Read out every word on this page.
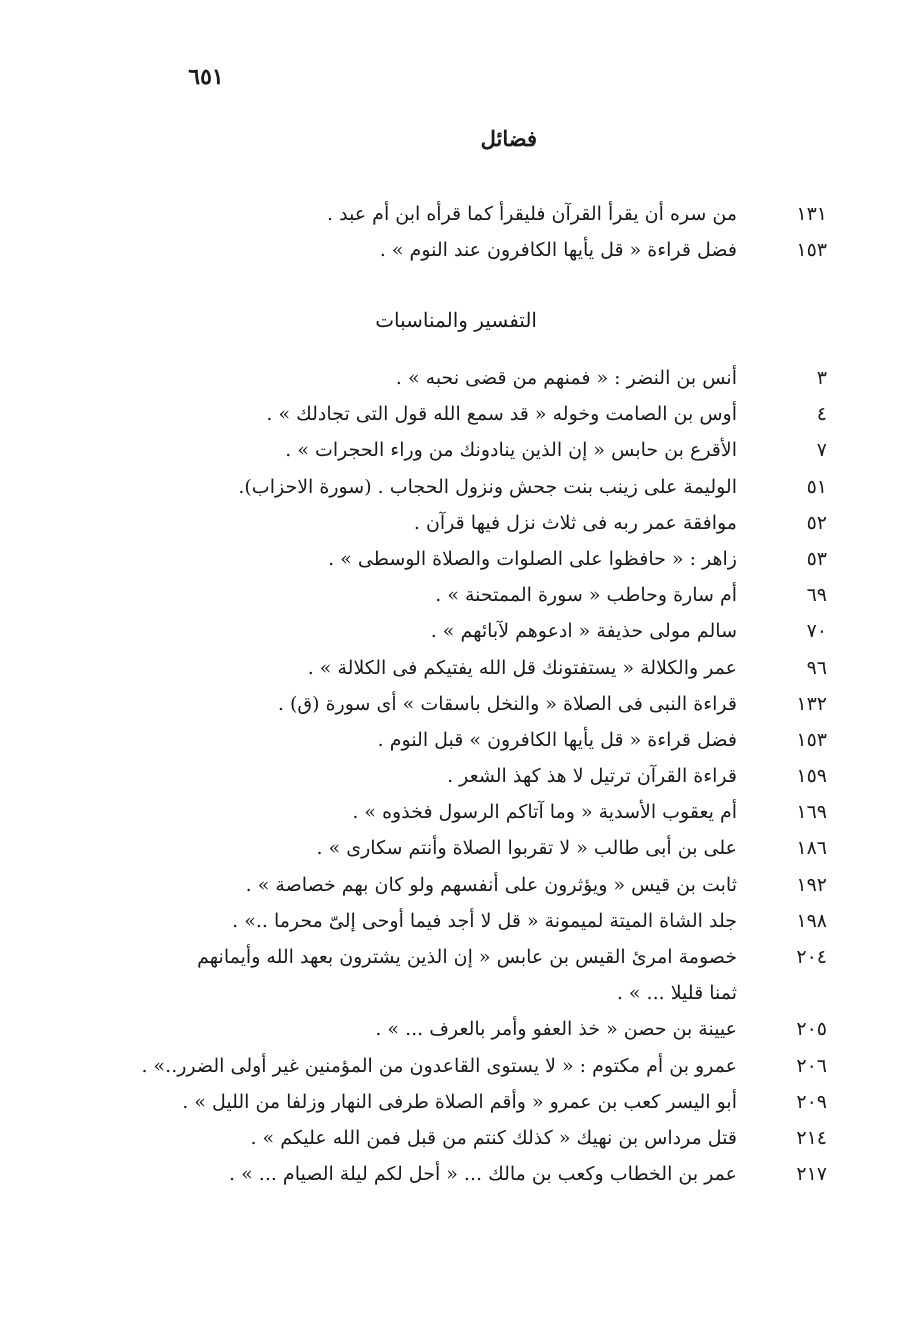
٦٥١
فضائل
١٣١
من سره أن يقرأ القرآن فليقرأ كما قرأه ابن أم عبد .
١٥٣
فضل قراءة « قل يأيها الكافرون عند النوم » .
التفسير والمناسبات
٣
أنس بن النضر : « فمنهم من قضى نحبه » .
٤
أوس بن الصامت وخوله « قد سمع الله قول التى تجادلك » .
٧
الأقرع بن حابس « إن الذين ينادونك من وراء الحجرات » .
٥١
الوليمة على زينب بنت جحش ونزول الحجاب . (سورة الاحزاب).
٥٢
موافقة عمر ربه فى ثلاث نزل فيها قرآن .
٥٣
زاهر : « حافظوا على الصلوات والصلاة الوسطى » .
٦٩
أم سارة وحاطب « سورة الممتحنة » .
٧٠
سالم مولى حذيفة « ادعوهم لآبائهم » .
٩٦
عمر والكلالة « يستفتونك قل الله يفتيكم فى الكلالة » .
١٣٢
قراءة النبى فى الصلاة « والنخل باسقات » أى سورة (ق) .
١٥٣
فضل قراءة « قل يأيها الكافرون » قبل النوم .
١٥٩
قراءة القرآن ترتيل لا هذ كهذ الشعر .
١٦٩
أم يعقوب الأسدية « وما آتاكم الرسول فخذوه » .
١٨٦
على بن أبى طالب « لا تقربوا الصلاة وأنتم سكارى » .
١٩٢
ثابت بن قيس « ويؤثرون على أنفسهم ولو كان بهم خصاصة » .
١٩٨
جلد الشاة الميتة لميمونة « قل لا أجد فيما أوحى إلىّ محرما ..» .
٢٠٤
خصومة امرئ القيس بن عابس « إن الذين يشترون بعهد الله وأيمانهم ثمنا قليلا ... » .
٢٠٥
عيينة بن حصن « خذ العفو وأمر بالعرف ... » .
٢٠٦
عمرو بن أم مكتوم : « لا يستوى القاعدون من المؤمنين غير أولى الضرر..» .
٢٠٩
أبو اليسر كعب بن عمرو « وأقم الصلاة طرفى النهار وزلفا من الليل » .
٢١٤
قتل مرداس بن نهيك « كذلك كنتم من قبل فمن الله عليكم » .
٢١٧
عمر بن الخطاب وكعب بن مالك ... « أحل لكم ليلة الصيام ... » .
